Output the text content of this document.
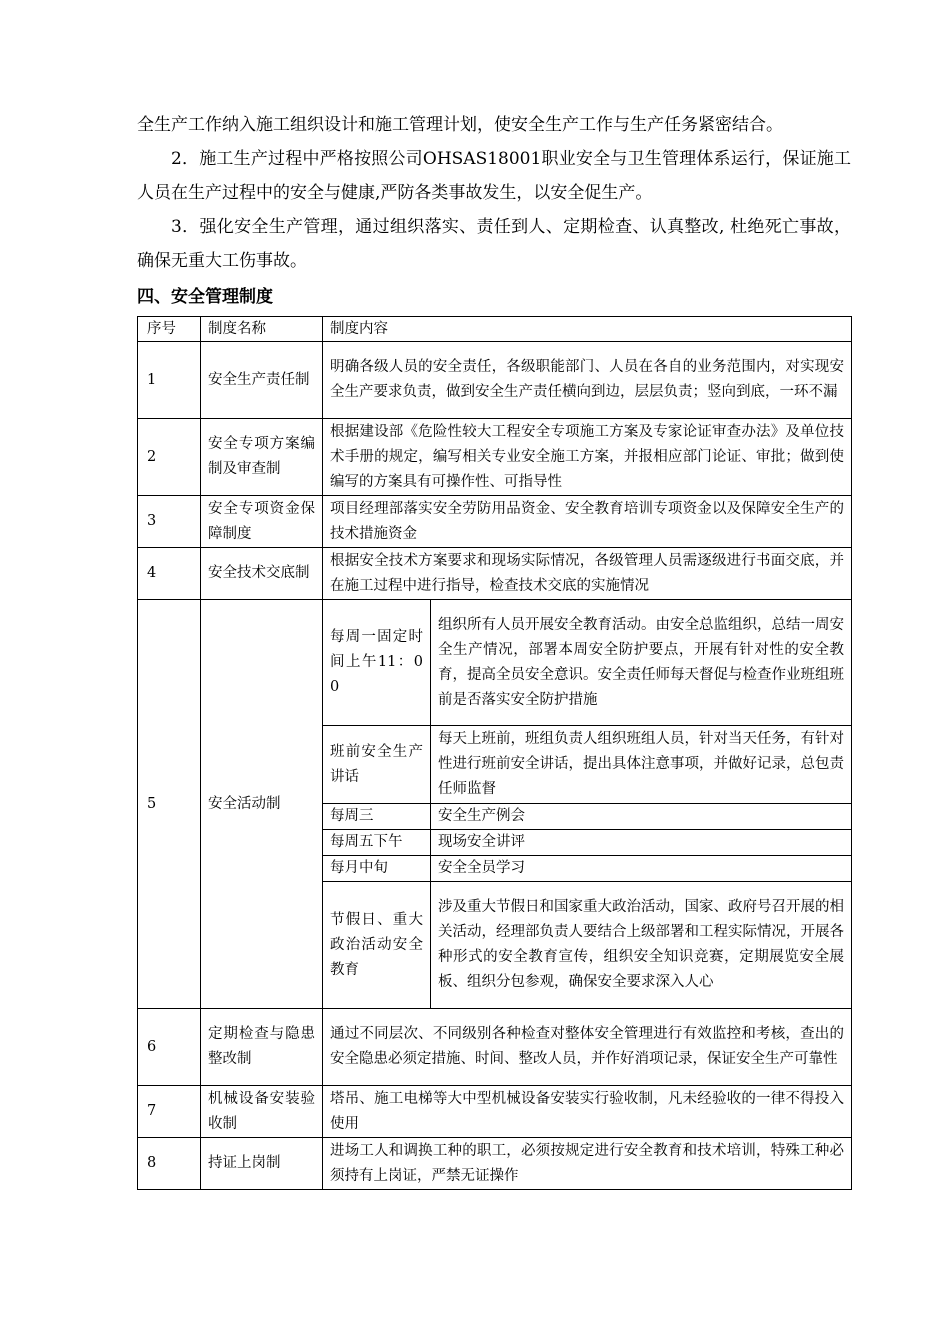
全生产工作纳入施工组织设计和施工管理计划，使安全生产工作与生产任务紧密结合。

2．施工生产过程中严格按照公司OHSAS18001职业安全与卫生管理体系运行，保证施工人员在生产过程中的安全与健康,严防各类事故发生，以安全促生产。

3．强化安全生产管理，通过组织落实、责任到人、定期检查、认真整改, 杜绝死亡事故，确保无重大工伤事故。

四、安全管理制度
序号	制度名称	制度内容	
1	安全生产责任制	明确各级人员的安全责任，各级职能部门、人员在各自的业务范围内，对实现安全生产要求负责，做到安全生产责任横向到边，层层负责；竖向到底，一环不漏	
2	安全专项方案编制及审查制	根据建设部《危险性较大工程安全专项施工方案及专家论证审查办法》及单位技术手册的规定，编写相关专业安全施工方案，并报相应部门论证、审批；做到使编写的方案具有可操作性、可指导性	
3	安全专项资金保障制度	项目经理部落实安全劳防用品资金、安全教育培训专项资金以及保障安全生产的技术措施资金	
4	安全技术交底制	根据安全技术方案要求和现场实际情况，各级管理人员需逐级进行书面交底，并在施工过程中进行指导，检查技术交底的实施情况	
5	安全活动制	每周一固定时间上午11：00	组织所有人员开展安全教育活动。由安全总监组织，总结一周安全生产情况，部署本周安全防护要点，开展有针对性的安全教育，提高全员安全意识。安全责任师每天督促与检查作业班组班前是否落实安全防护措施
		班前安全生产讲话	每天上班前，班组负责人组织班组人员，针对当天任务，有针对性进行班前安全讲话，提出具体注意事项，并做好记录，总包责任师监督
		每周三	安全生产例会
		每周五下午	现场安全讲评
		每月中旬	安全全员学习
		节假日、重大政治活动安全教育	涉及重大节假日和国家重大政治活动，国家、政府号召开展的相关活动，经理部负责人要结合上级部署和工程实际情况，开展各种形式的安全教育宣传，组织安全知识竞赛，定期展览安全展板、组织分包参观，确保安全要求深入人心
6	定期检查与隐患整改制	通过不同层次、不同级别各种检查对整体安全管理进行有效监控和考核，查出的安全隐患必须定措施、时间、整改人员，并作好消项记录，保证安全生产可靠性	
7	机械设备安装验收制	塔吊、施工电梯等大中型机械设备安装实行验收制，凡未经验收的一律不得投入使用	
8	持证上岗制	进场工人和调换工种的职工，必须按规定进行安全教育和技术培训，特殊工种必须持有上岗证，严禁无证操作	
